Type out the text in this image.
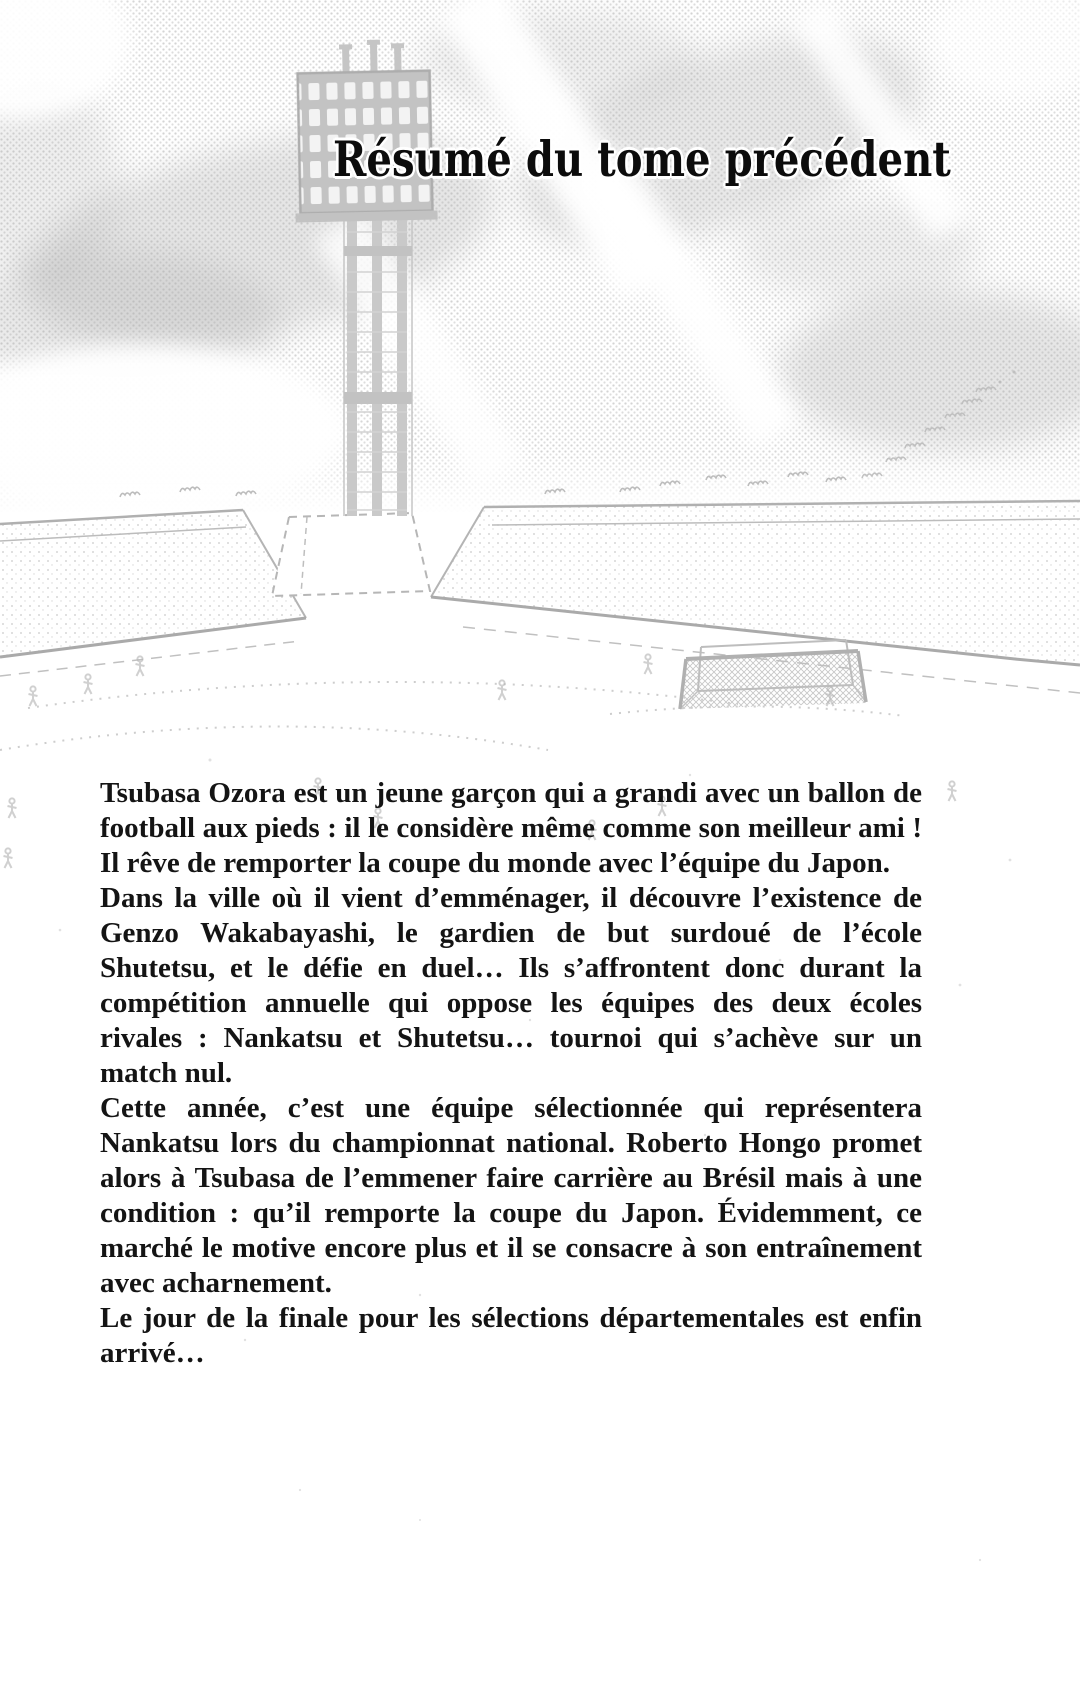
Résumé du tome précédent

Tsubasa Ozora est un jeune garçon qui a grandi avec un ballon de football aux pieds : il le considère même comme son meilleur ami ! Il rêve de remporter la coupe du monde avec l’équipe du Japon.

Dans la ville où il vient d’emménager, il découvre l’existence de Genzo Wakabayashi, le gardien de but surdoué de l’école Shutetsu, et le défie en duel… Ils s’affrontent donc durant la compétition annuelle qui oppose les équipes des deux écoles rivales : Nankatsu et Shutetsu… tournoi qui s’achève sur un match nul.

Cette année, c’est une équipe sélectionnée qui représentera Nankatsu lors du championnat national. Roberto Hongo promet alors à Tsubasa de l’emmener faire carrière au Brésil mais à une condition : qu’il remporte la coupe du Japon. Évidemment, ce marché le motive encore plus et il se consacre à son entraînement avec acharnement.

Le jour de la finale pour les sélections départementales est enfin arrivé…
